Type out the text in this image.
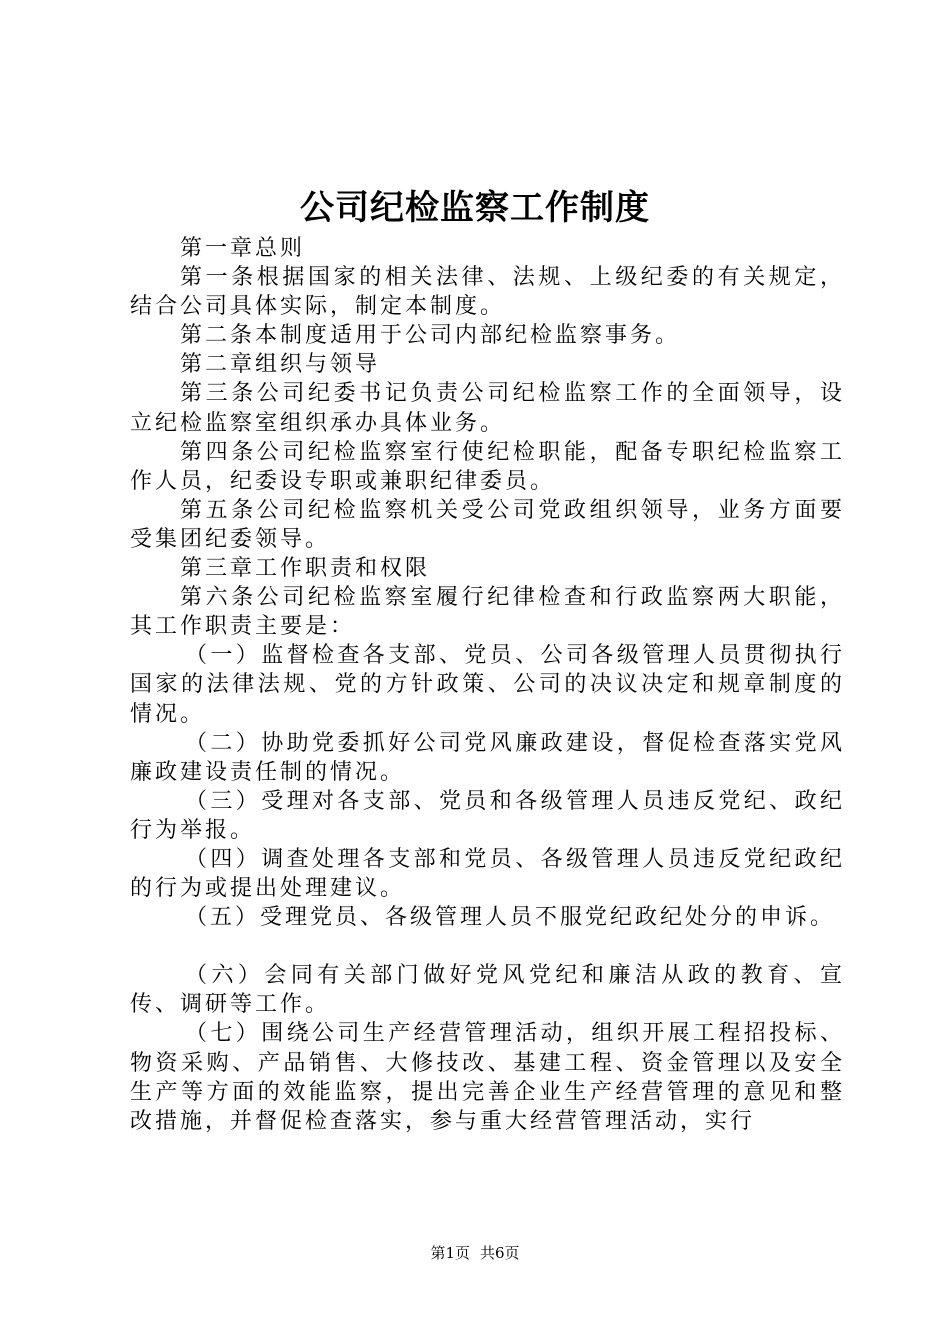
公司纪检监察工作制度

第一章总则

第一条根据国家的相关法律、法规、上级纪委的有关规定，结合公司具体实际，制定本制度。

第二条本制度适用于公司内部纪检监察事务。

第二章组织与领导

第三条公司纪委书记负责公司纪检监察工作的全面领导，设立纪检监察室组织承办具体业务。

第四条公司纪检监察室行使纪检职能，配备专职纪检监察工作人员，纪委设专职或兼职纪律委员。

第五条公司纪检监察机关受公司党政组织领导，业务方面要受集团纪委领导。

第三章工作职责和权限

第六条公司纪检监察室履行纪律检查和行政监察两大职能，其工作职责主要是：

（一）监督检查各支部、党员、公司各级管理人员贯彻执行国家的法律法规、党的方针政策、公司的决议决定和规章制度的情况。

（二）协助党委抓好公司党风廉政建设，督促检查落实党风廉政建设责任制的情况。

（三）受理对各支部、党员和各级管理人员违反党纪、政纪行为举报。

（四）调查处理各支部和党员、各级管理人员违反党纪政纪的行为或提出处理建议。

（五）受理党员、各级管理人员不服党纪政纪处分的申诉。

（六）会同有关部门做好党风党纪和廉洁从政的教育、宣传、调研等工作。

（七）围绕公司生产经营管理活动，组织开展工程招投标、物资采购、产品销售、大修技改、基建工程、资金管理以及安全生产等方面的效能监察，提出完善企业生产经营管理的意见和整改措施，并督促检查落实，参与重大经营管理活动，实行

第1页 共6页
